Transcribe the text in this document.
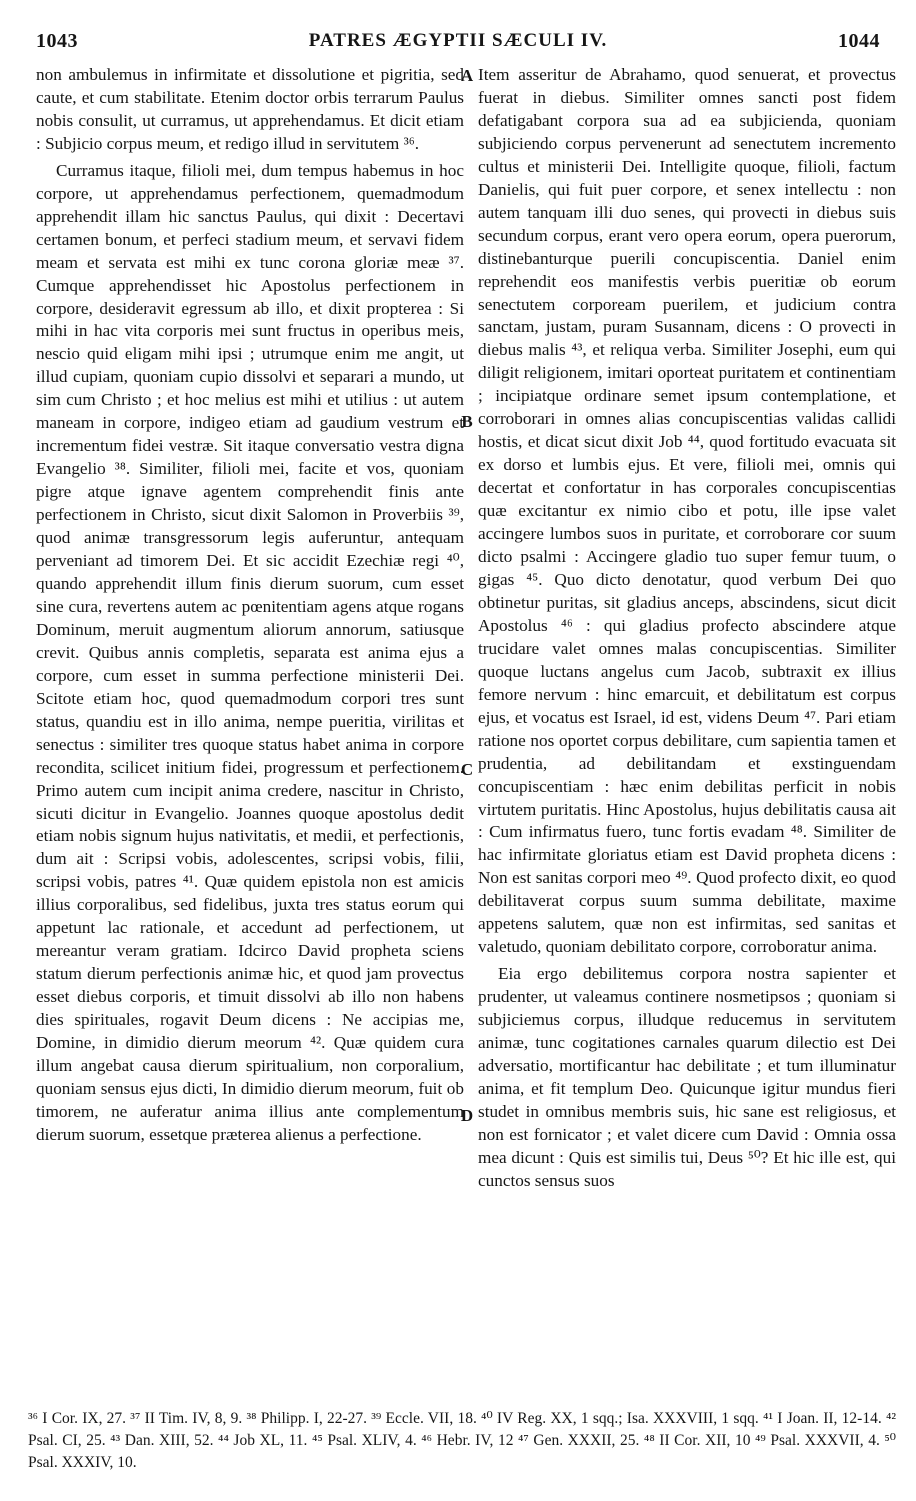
1043	PATRES ÆGYPTII SÆCULI IV.	1044

non ambulemus in infirmitate et dissolutione et pigritia, sed caute, et cum stabilitate. Etenim doctor orbis terrarum Paulus nobis consulit, ut curramus, ut apprehendamus. Et dicit etiam : Subjicio corpus meum, et redigo illud in servitutem ³⁶.

Curramus itaque, filioli mei, dum tempus habemus in hoc corpore, ut apprehendamus perfectionem, quemadmodum apprehendit illam hic sanctus Paulus, qui dixit : Decertavi certamen bonum, et perfeci stadium meum, et servavi fidem meam et servata est mihi ex tunc corona gloriæ meæ ³⁷. Cumque apprehendisset hic Apostolus perfectionem in corpore, desideravit egressum ab illo, et dixit propterea : Si mihi in hac vita corporis mei sunt fructus in operibus meis, nescio quid eligam mihi ipsi ; utrumque enim me angit, ut illud cupiam, quoniam cupio dissolvi et separari a mundo, ut sim cum Christo ; et hoc melius est mihi et utilius : ut autem maneam in corpore, indigeo etiam ad gaudium vestrum et incrementum fidei vestræ. Sit itaque conversatio vestra digna Evangelio ³⁸. Similiter, filioli mei, facite et vos, quoniam pigre atque ignave agentem comprehendit finis ante perfectionem in Christo, sicut dixit Salomon in Proverbiis ³⁹, quod animæ transgressorum legis auferuntur, antequam perveniant ad timorem Dei. Et sic accidit Ezechiæ regi ⁴⁰, quando apprehendit illum finis dierum suorum, cum esset sine cura, revertens autem ac pœnitentiam agens atque rogans Dominum, meruit augmentum aliorum annorum, satiusque crevit. Quibus annis completis, separata est anima ejus a corpore, cum esset in summa perfectione ministerii Dei. Scitote etiam hoc, quod quemadmodum corpori tres sunt status, quandiu est in illo anima, nempe pueritia, virilitas et senectus : similiter tres quoque status habet anima in corpore recondita, scilicet initium fidei, progressum et perfectionem. Primo autem cum incipit anima credere, nascitur in Christo, sicuti dicitur in Evangelio. Joannes quoque apostolus dedit etiam nobis signum hujus nativitatis, et medii, et perfectionis, dum ait : Scripsi vobis, adolescentes, scripsi vobis, filii, scripsi vobis, patres ⁴¹. Quæ quidem epistola non est amicis illius corporalibus, sed fidelibus, juxta tres status eorum qui appetunt lac rationale, et accedunt ad perfectionem, ut mereantur veram gratiam. Idcirco David propheta sciens statum dierum perfectionis animæ hic, et quod jam provectus esset diebus corporis, et timuit dissolvi ab illo non habens dies spirituales, rogavit Deum dicens : Ne accipias me, Domine, in dimidio dierum meorum ⁴². Quæ quidem cura illum angebat causa dierum spiritualium, non corporalium, quoniam sensus ejus dicti, In dimidio dierum meorum, fuit ob timorem, ne auferatur anima illius ante complementum dierum suorum, essetque præterea alienus a perfectione.

A
B
C
D

Item asseritur de Abrahamo, quod senuerat, et provectus fuerat in diebus. Similiter omnes sancti post fidem defatigabant corpora sua ad ea subjicienda, quoniam subjiciendo corpus pervenerunt ad senectutem incremento cultus et ministerii Dei. Intelligite quoque, filioli, factum Danielis, qui fuit puer corpore, et senex intellectu : non autem tanquam illi duo senes, qui provecti in diebus suis secundum corpus, erant vero opera eorum, opera puerorum, distinebanturque puerili concupiscentia. Daniel enim reprehendit eos manifestis verbis pueritiæ ob eorum senectutem corpoream puerilem, et judicium contra sanctam, justam, puram Susannam, dicens : O provecti in diebus malis ⁴³, et reliqua verba. Similiter Josephi, eum qui diligit religionem, imitari oporteat puritatem et continentiam ; incipiatque ordinare semet ipsum contemplatione, et corroborari in omnes alias concupiscentias validas callidi hostis, et dicat sicut dixit Job ⁴⁴, quod fortitudo evacuata sit ex dorso et lumbis ejus. Et vere, filioli mei, omnis qui decertat et confortatur in has corporales concupiscentias quæ excitantur ex nimio cibo et potu, ille ipse valet accingere lumbos suos in puritate, et corroborare cor suum dicto psalmi : Accingere gladio tuo super femur tuum, o gigas ⁴⁵. Quo dicto denotatur, quod verbum Dei quo obtinetur puritas, sit gladius anceps, abscindens, sicut dicit Apostolus ⁴⁶ : qui gladius profecto abscindere atque trucidare valet omnes malas concupiscentias. Similiter quoque luctans angelus cum Jacob, subtraxit ex illius femore nervum : hinc emarcuit, et debilitatum est corpus ejus, et vocatus est Israel, id est, videns Deum ⁴⁷. Pari etiam ratione nos oportet corpus debilitare, cum sapientia tamen et prudentia, ad debilitandam et exstinguendam concupiscentiam : hæc enim debilitas perficit in nobis virtutem puritatis. Hinc Apostolus, hujus debilitatis causa ait : Cum infirmatus fuero, tunc fortis evadam ⁴⁸. Similiter de hac infirmitate gloriatus etiam est David propheta dicens : Non est sanitas corpori meo ⁴⁹. Quod profecto dixit, eo quod debilitaverat corpus suum summa debilitate, maxime appetens salutem, quæ non est infirmitas, sed sanitas et valetudo, quoniam debilitato corpore, corroboratur anima.

Eia ergo debilitemus corpora nostra sapienter et prudenter, ut valeamus continere nosmetipsos ; quoniam si subjiciemus corpus, illudque reducemus in servitutem animæ, tunc cogitationes carnales quarum dilectio est Dei adversatio, mortificantur hac debilitate ; et tum illuminatur anima, et fit templum Deo. Quicunque igitur mundus fieri studet in omnibus membris suis, hic sane est religiosus, et non est fornicator ; et valet dicere cum David : Omnia ossa mea dicunt : Quis est similis tui, Deus ⁵⁰? Et hic ille est, qui cunctos sensus suos

³⁶ I Cor. IX, 27. ³⁷ II Tim. IV, 8, 9. ³⁸ Philipp. I, 22-27. ³⁹ Eccle. VII, 18. ⁴⁰ IV Reg. XX, 1 sqq.; Isa. XXXVIII, 1 sqq. ⁴¹ I Joan. II, 12-14. ⁴² Psal. CI, 25. ⁴³ Dan. XIII, 52. ⁴⁴ Job XL, 11. ⁴⁵ Psal. XLIV, 4. ⁴⁶ Hebr. IV, 12 ⁴⁷ Gen. XXXII, 25. ⁴⁸ II Cor. XII, 10 ⁴⁹ Psal. XXXVII, 4. ⁵⁰ Psal. XXXIV, 10.
